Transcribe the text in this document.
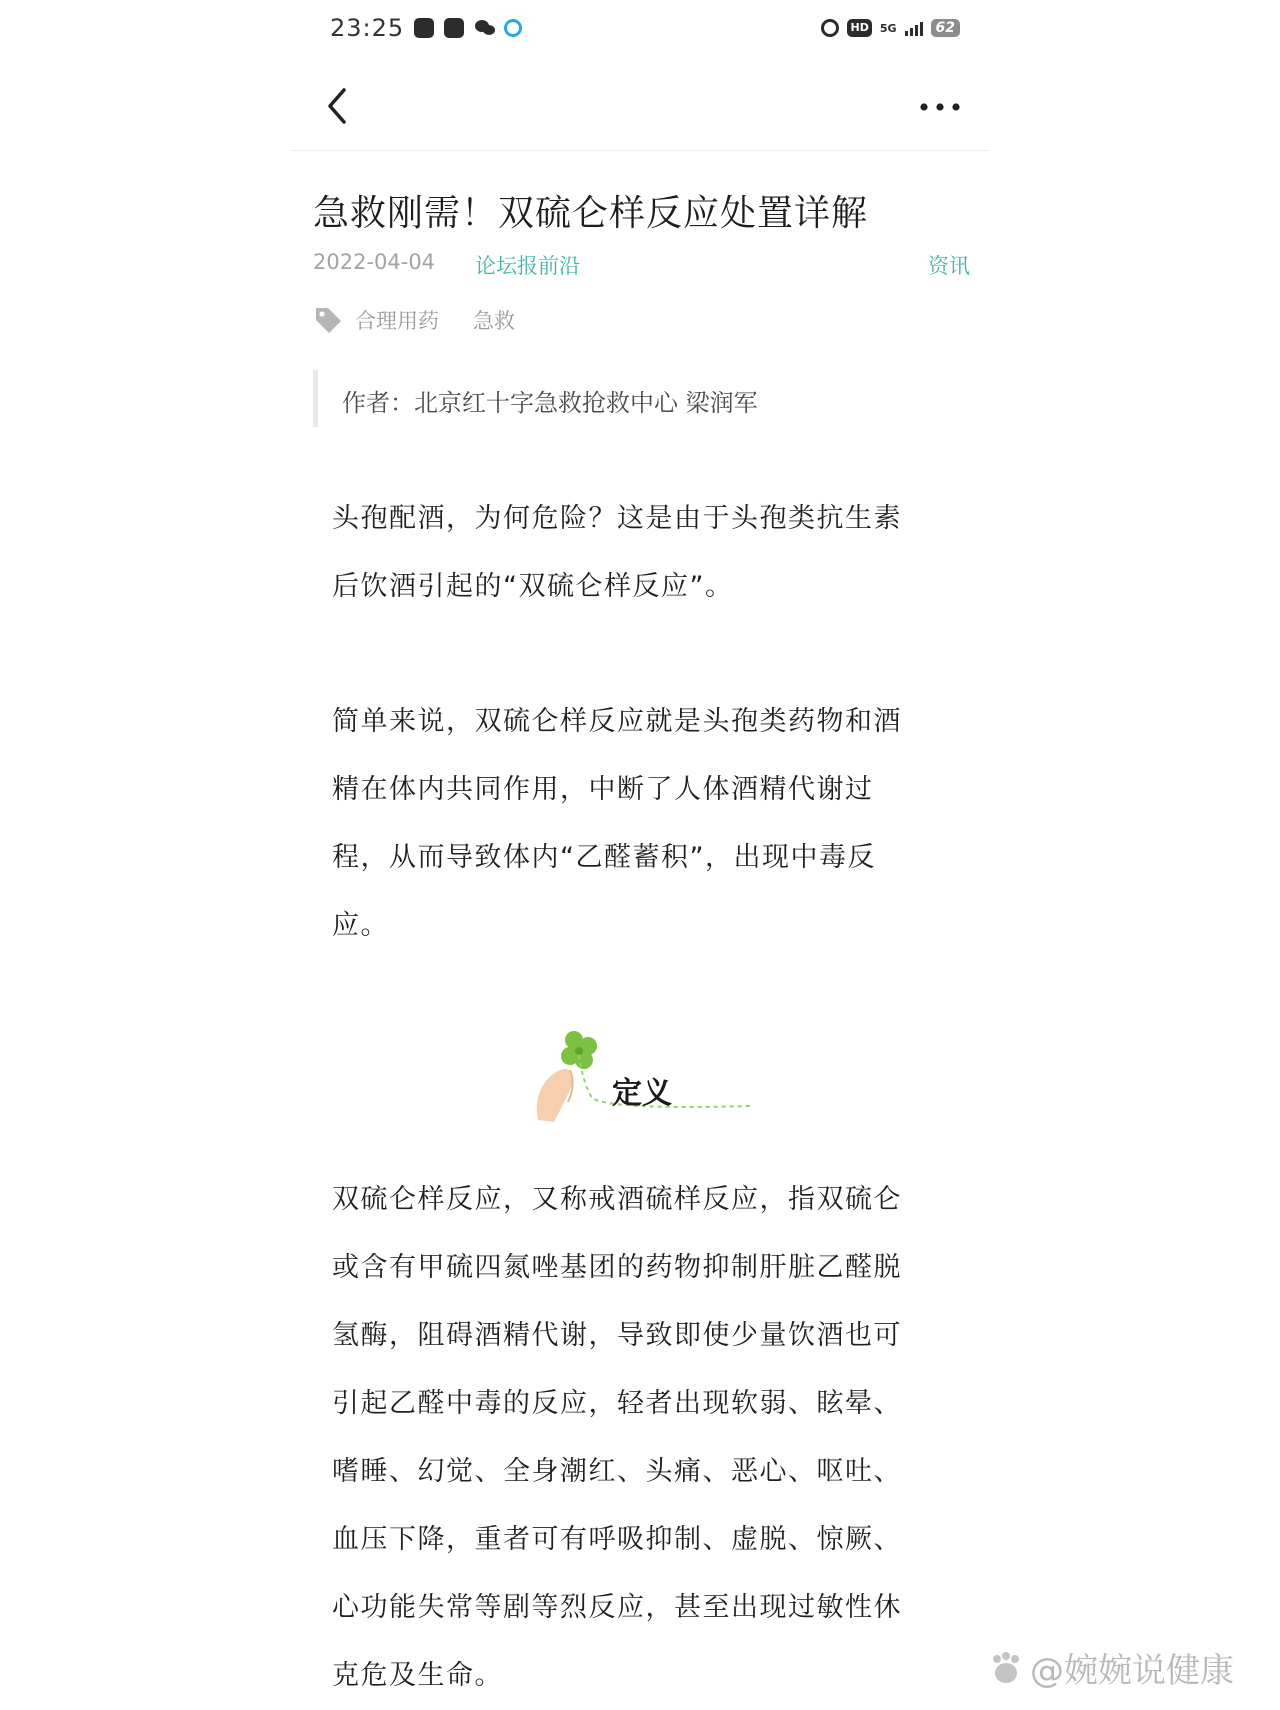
23:25	HD 5G	62
急救刚需！双硫仑样反应处置详解
2022-04-04 论坛报前沿	资讯
合理用药 急救
作者：北京红十字急救抢救中心 梁润军
头孢配酒，为何危险？这是由于头孢类抗生素
后饮酒引起的“双硫仑样反应”。
简单来说，双硫仑样反应就是头孢类药物和酒
精在体内共同作用，中断了人体酒精代谢过
程，从而导致体内“乙醛蓄积”，出现中毒反
应。
定义
双硫仑样反应，又称戒酒硫样反应，指双硫仑
或含有甲硫四氮唑基团的药物抑制肝脏乙醛脱
氢酶，阻碍酒精代谢，导致即使少量饮酒也可
引起乙醛中毒的反应，轻者出现软弱、眩晕、
嗜睡、幻觉、全身潮红、头痛、恶心、呕吐、
血压下降，重者可有呼吸抑制、虚脱、惊厥、
心功能失常等剧等烈反应，甚至出现过敏性休
克危及生命。	@婉婉说健康
